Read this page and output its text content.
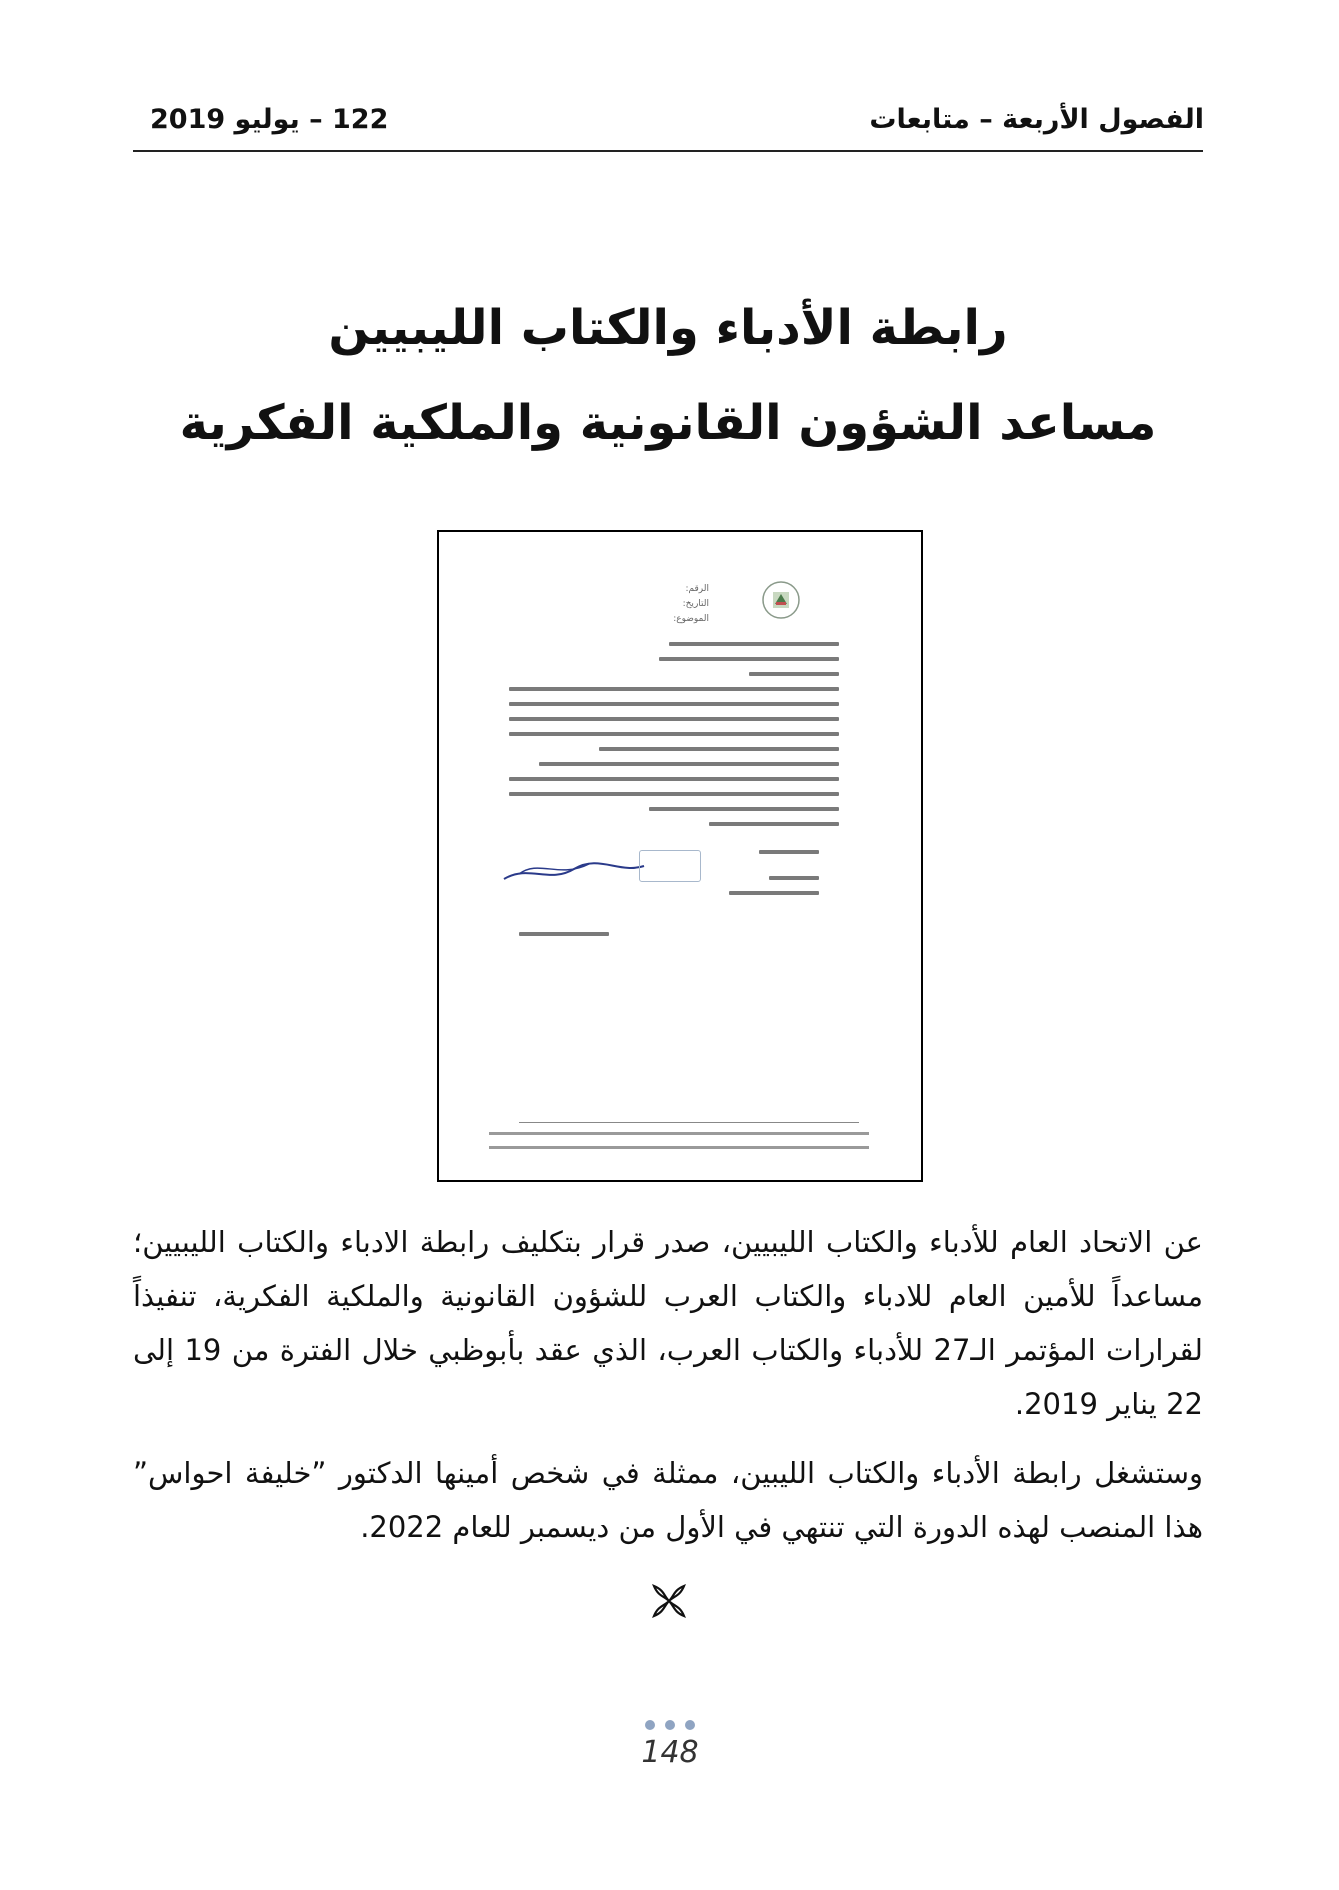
الفصول الأربعة – متابعات
122 – يوليو 2019
رابطة الأدباء والكتاب الليبيين
مساعد الشؤون القانونية والملكية الفكرية
الرقم:
التاريخ:
الموضوع:

عن الاتحاد العام للأدباء والكتاب الليبيين، صدر قرار بتكليف رابطة الادباء والكتاب الليبيين؛ مساعداً للأمين العام للادباء والكتاب العرب للشؤون القانونية والملكية الفكرية، تنفيذاً لقرارات المؤتمر الـ27 للأدباء والكتاب العرب، الذي عقد بأبوظبي خلال الفترة من 19 إلى 22 يناير 2019.

وستشغل رابطة الأدباء والكتاب الليبين، ممثلة في شخص أمينها الدكتور ”خليفة احواس” هذا المنصب لهذه الدورة التي تنتهي في الأول من ديسمبر للعام 2022.

148
